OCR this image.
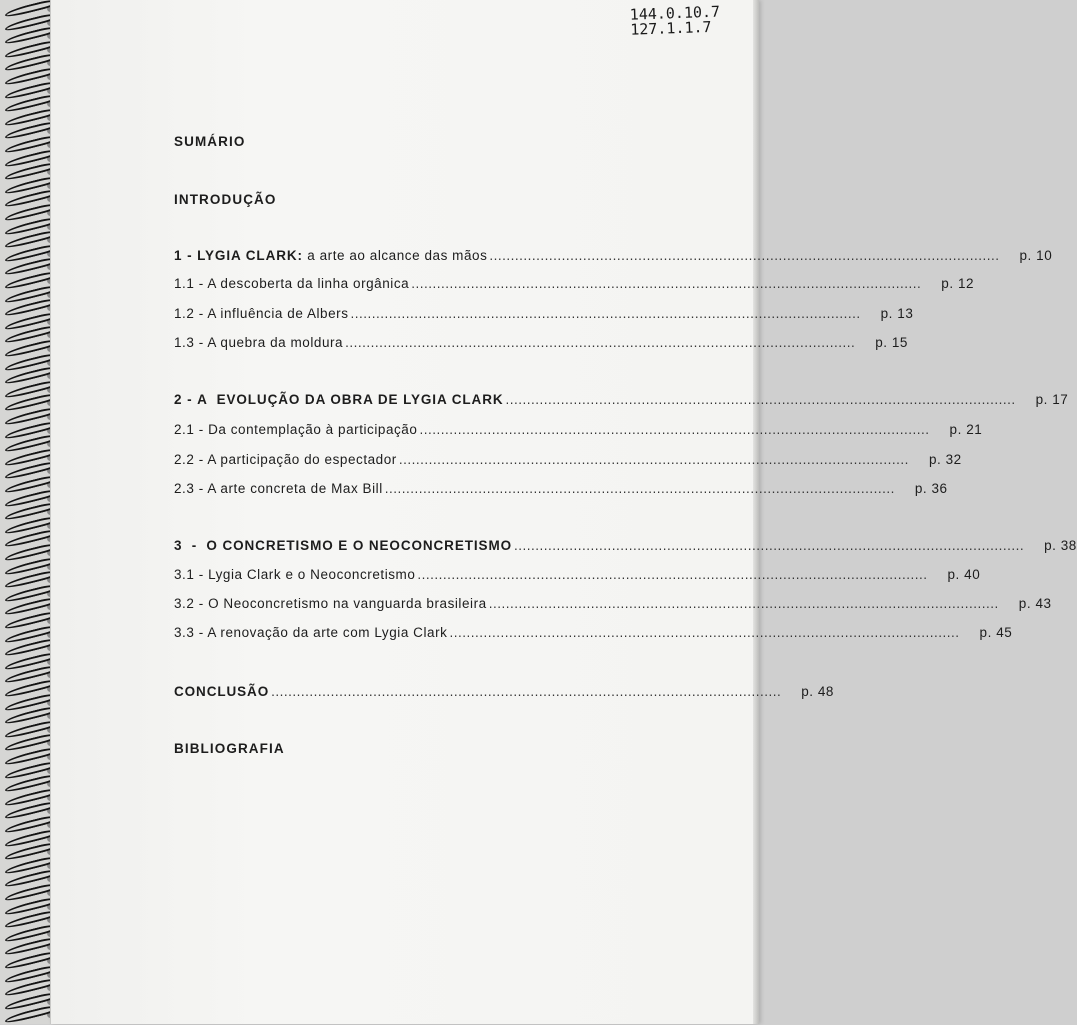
144.0.10.7
127.1.1.7
SUMÁRIO
INTRODUÇÃO
1 - LYGIA CLARK: a arte ao alcance das mãos ........................................................................................................................ p. 10
1.1 - A descoberta da linha orgânica ........................................................................................................................ p. 12
1.2 - A influência de Albers ........................................................................................................................ p. 13
1.3 - A quebra da moldura ........................................................................................................................ p. 15
2 - A  EVOLUÇÃO DA OBRA DE LYGIA CLARK ........................................................................................................................ p. 17
2.1 - Da contemplação à participação ........................................................................................................................ p. 21
2.2 - A participação do espectador ........................................................................................................................ p. 32
2.3 - A arte concreta de Max Bill ........................................................................................................................ p. 36
3 - O CONCRETISMO E O NEOCONCRETISMO ........................................................................................................................ p. 38
3.1 - Lygia Clark e o Neoconcretismo ........................................................................................................................ p. 40
3.2 - O Neoconcretismo na vanguarda brasileira ........................................................................................................................ p. 43
3.3 - A renovação da arte com Lygia Clark ........................................................................................................................ p. 45
CONCLUSÃO ........................................................................................................................ p. 48
BIBLIOGRAFIA
